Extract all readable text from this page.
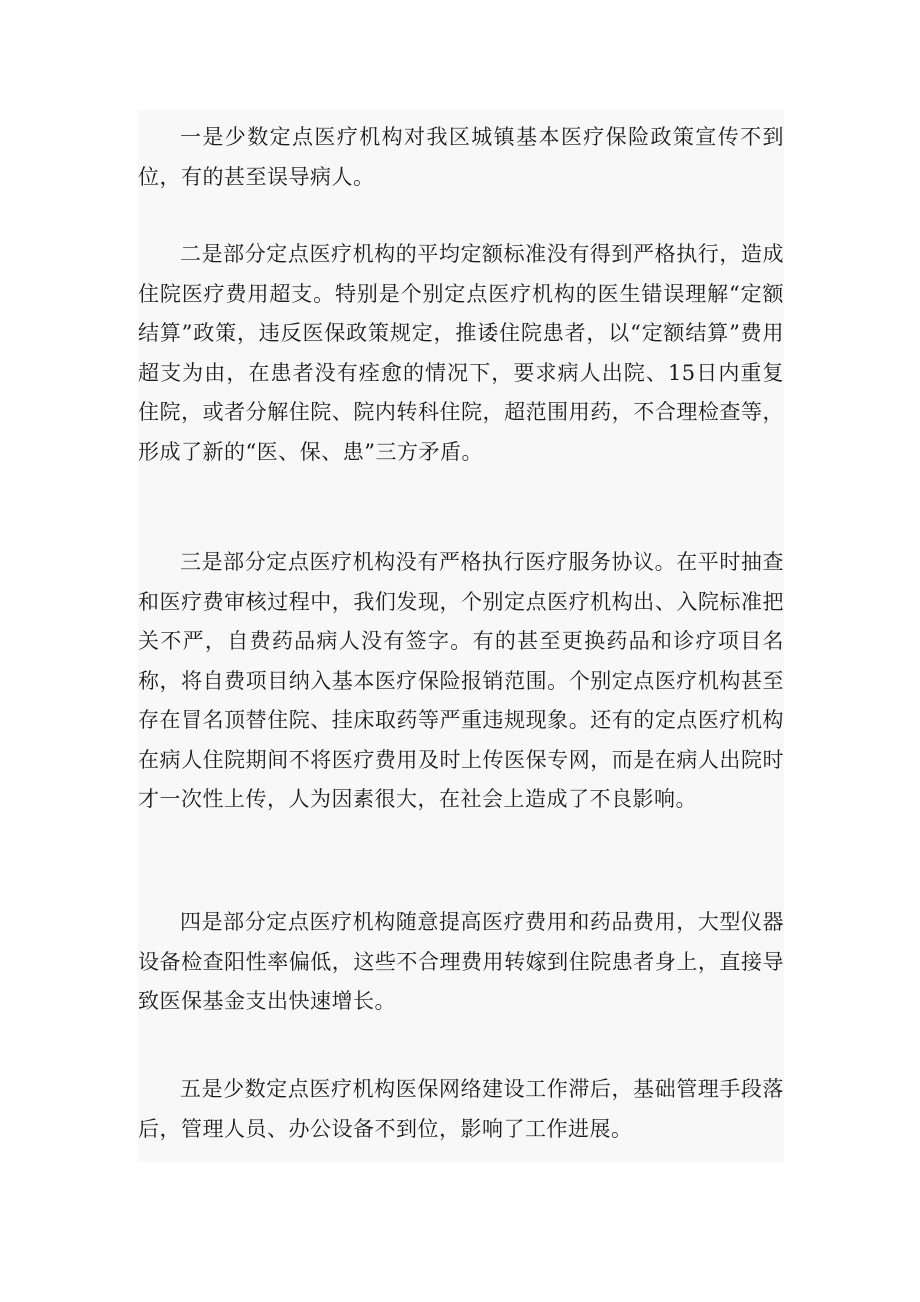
一是少数定点医疗机构对我区城镇基本医疗保险政策宣传不到位，有的甚至误导病人。

二是部分定点医疗机构的平均定额标准没有得到严格执行，造成住院医疗费用超支。特别是个别定点医疗机构的医生错误理解“定额结算”政策，违反医保政策规定，推诿住院患者，以“定额结算”费用超支为由，在患者没有痊愈的情况下，要求病人出院、15日内重复住院，或者分解住院、院内转科住院，超范围用药，不合理检查等，形成了新的“医、保、患”三方矛盾。

三是部分定点医疗机构没有严格执行医疗服务协议。在平时抽查和医疗费审核过程中，我们发现，个别定点医疗机构出、入院标准把关不严，自费药品病人没有签字。有的甚至更换药品和诊疗项目名称，将自费项目纳入基本医疗保险报销范围。个别定点医疗机构甚至存在冒名顶替住院、挂床取药等严重违规现象。还有的定点医疗机构在病人住院期间不将医疗费用及时上传医保专网，而是在病人出院时才一次性上传，人为因素很大，在社会上造成了不良影响。

四是部分定点医疗机构随意提高医疗费用和药品费用，大型仪器设备检查阳性率偏低，这些不合理费用转嫁到住院患者身上，直接导致医保基金支出快速增长。

五是少数定点医疗机构医保网络建设工作滞后，基础管理手段落后，管理人员、办公设备不到位，影响了工作进展。
